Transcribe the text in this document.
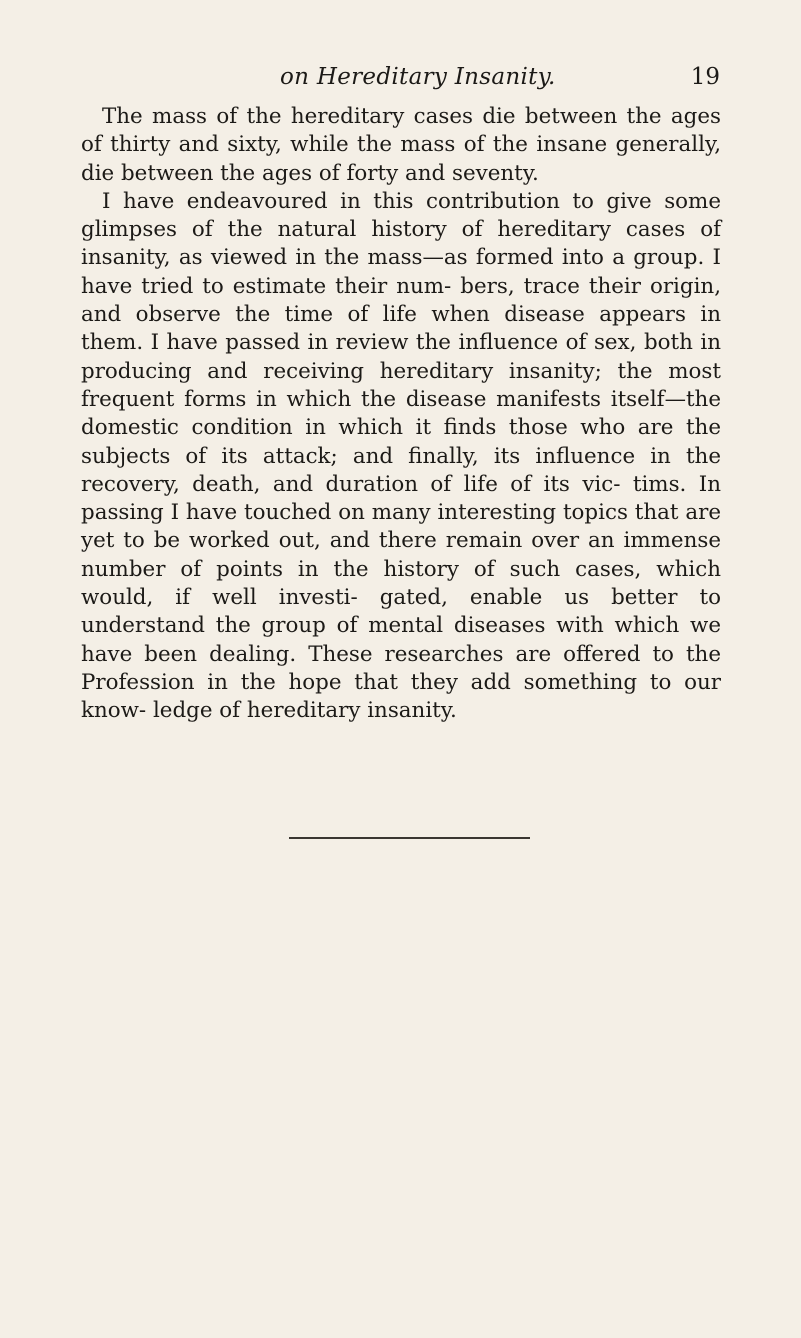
on Hereditary Insanity.	19

The mass of the hereditary cases die between the ages of thirty and sixty, while the mass of the insane generally, die between the ages of forty and seventy.

I have endeavoured in this contribution to give some glimpses of the natural history of hereditary cases of insanity, as viewed in the mass—as formed into a group. I have tried to estimate their num- bers, trace their origin, and observe the time of life when disease appears in them. I have passed in review the influence of sex, both in producing and receiving hereditary insanity; the most frequent forms in which the disease manifests itself—the domestic condition in which it finds those who are the subjects of its attack; and finally, its influence in the recovery, death, and duration of life of its vic- tims. In passing I have touched on many interesting topics that are yet to be worked out, and there remain over an immense number of points in the history of such cases, which would, if well investi- gated, enable us better to understand the group of mental diseases with which we have been dealing. These researches are offered to the Profession in the hope that they add something to our know- ledge of hereditary insanity.
